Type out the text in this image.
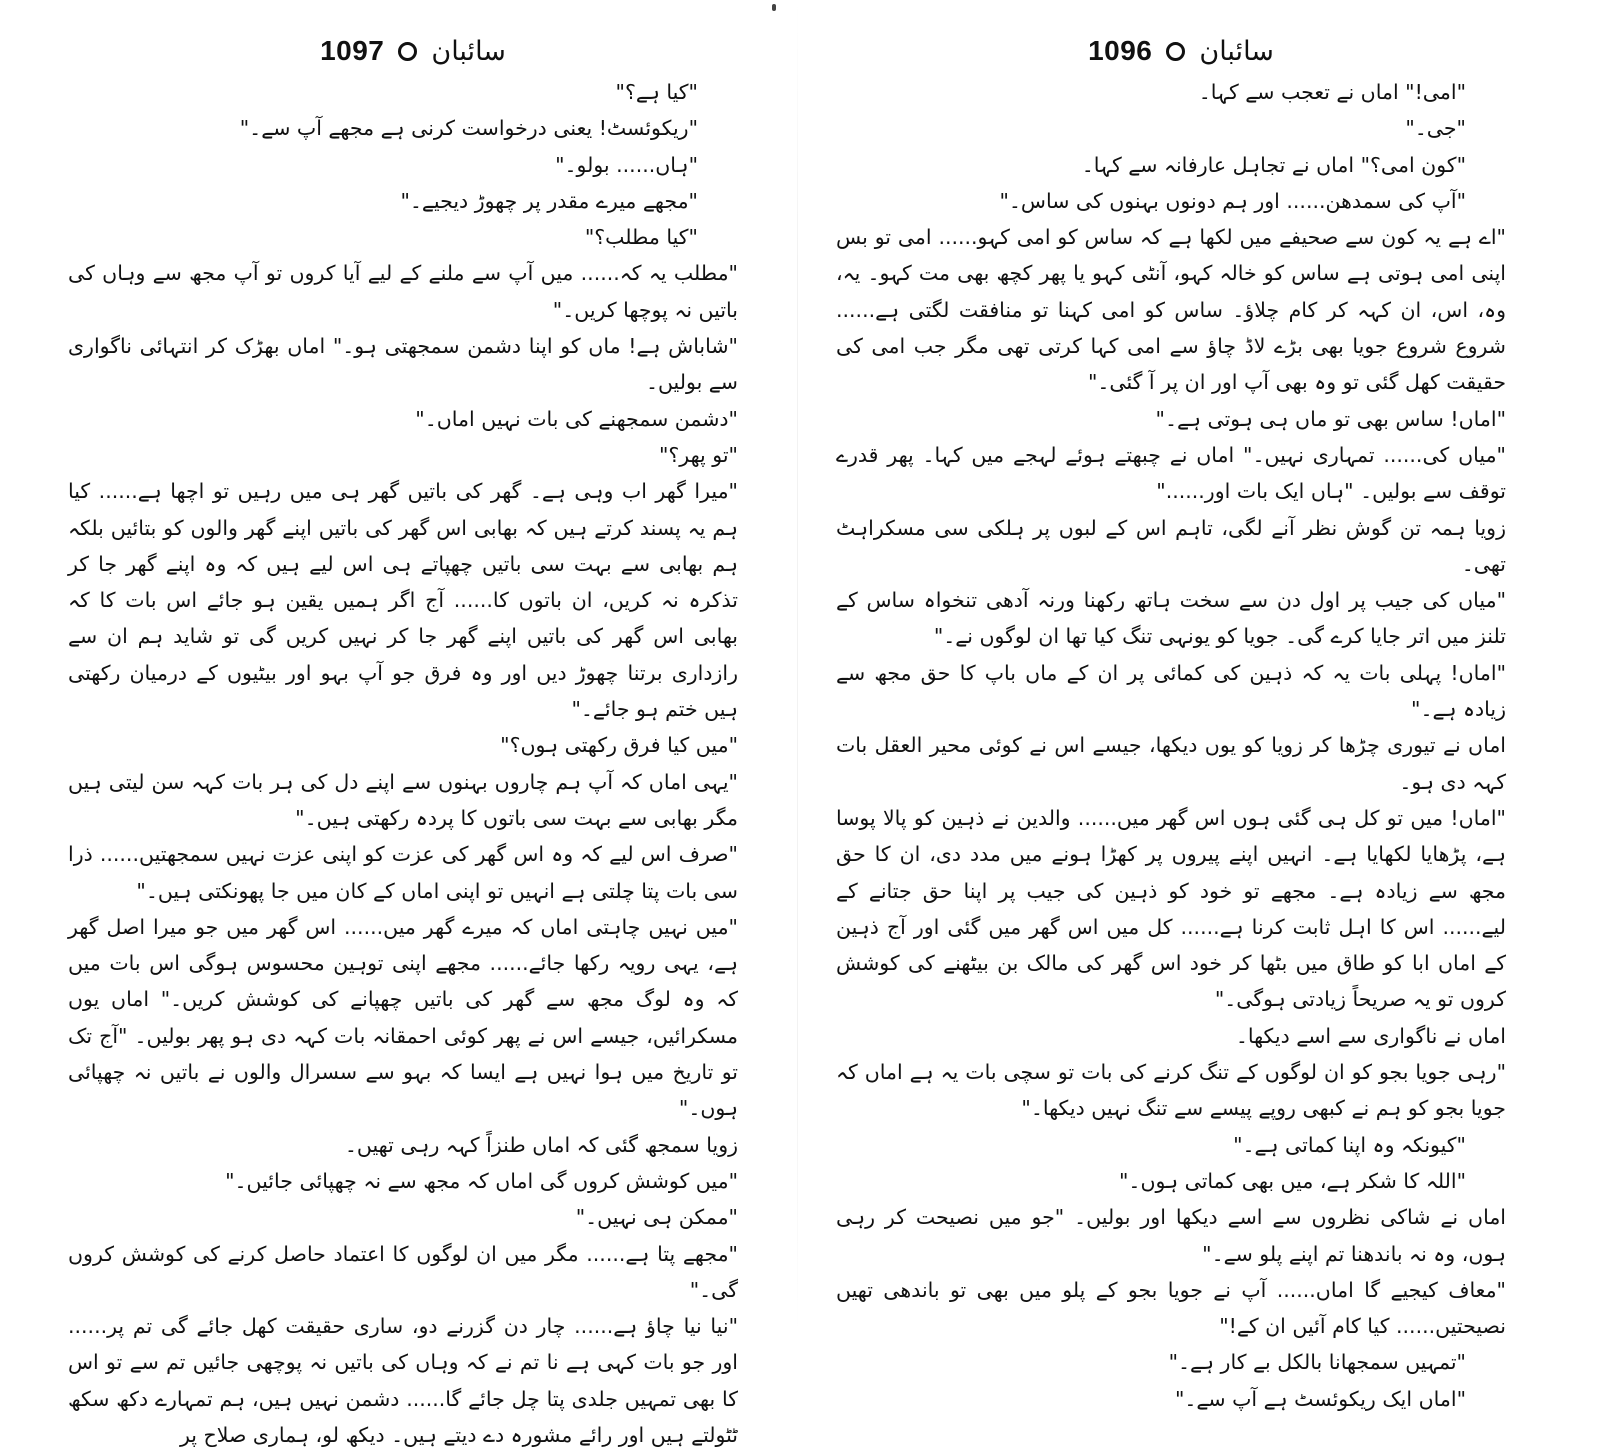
1097 سائبان

"کیا ہے؟"

"ریکوئسٹ! یعنی درخواست کرنی ہے مجھے آپ سے۔"

"ہاں...... بولو۔"

"مجھے میرے مقدر پر چھوڑ دیجیے۔"

"کیا مطلب؟"

"مطلب یہ کہ...... میں آپ سے ملنے کے لیے آیا کروں تو آپ مجھ سے وہاں کی باتیں نہ پوچھا کریں۔"

"شاباش ہے! ماں کو اپنا دشمن سمجھتی ہو۔" اماں بھڑک کر انتہائی ناگواری سے بولیں۔

"دشمن سمجھنے کی بات نہیں اماں۔"

"تو پھر؟"

"میرا گھر اب وہی ہے۔ گھر کی باتیں گھر ہی میں رہیں تو اچھا ہے...... کیا ہم یہ پسند کرتے ہیں کہ بھابی اس گھر کی باتیں اپنے گھر والوں کو بتائیں بلکہ ہم بھابی سے بہت سی باتیں چھپاتے ہی اس لیے ہیں کہ وہ اپنے گھر جا کر تذکرہ نہ کریں، ان باتوں کا...... آج اگر ہمیں یقین ہو جائے اس بات کا کہ بھابی اس گھر کی باتیں اپنے گھر جا کر نہیں کریں گی تو شاید ہم ان سے رازداری برتنا چھوڑ دیں اور وہ فرق جو آپ بہو اور بیٹیوں کے درمیان رکھتی ہیں ختم ہو جائے۔"

"میں کیا فرق رکھتی ہوں؟"

"یہی اماں کہ آپ ہم چاروں بہنوں سے اپنے دل کی ہر بات کہہ سن لیتی ہیں مگر بھابی سے بہت سی باتوں کا پردہ رکھتی ہیں۔"

"صرف اس لیے کہ وہ اس گھر کی عزت کو اپنی عزت نہیں سمجھتیں...... ذرا سی بات پتا چلتی ہے انہیں تو اپنی اماں کے کان میں جا پھونکتی ہیں۔"

"میں نہیں چاہتی اماں کہ میرے گھر میں...... اس گھر میں جو میرا اصل گھر ہے، یہی رویہ رکھا جائے...... مجھے اپنی توہین محسوس ہوگی اس بات میں کہ وہ لوگ مجھ سے گھر کی باتیں چھپانے کی کوشش کریں۔" اماں یوں مسکرائیں، جیسے اس نے پھر کوئی احمقانہ بات کہہ دی ہو پھر بولیں۔ "آج تک تو تاریخ میں ہوا نہیں ہے ایسا کہ بہو سے سسرال والوں نے باتیں نہ چھپائی ہوں۔"

زویا سمجھ گئی کہ اماں طنزاً کہہ رہی تھیں۔

"میں کوشش کروں گی اماں کہ مجھ سے نہ چھپائی جائیں۔"

"ممکن ہی نہیں۔"

"مجھے پتا ہے...... مگر میں ان لوگوں کا اعتماد حاصل کرنے کی کوشش کروں گی۔"

"نیا نیا چاؤ ہے...... چار دن گزرنے دو، ساری حقیقت کھل جائے گی تم پر...... اور جو بات کہی ہے نا تم نے کہ وہاں کی باتیں نہ پوچھی جائیں تم سے تو اس کا بھی تمہیں جلدی پتا چل جائے گا...... دشمن نہیں ہیں، ہم تمہارے دکھ سکھ ٹٹولتے ہیں اور رائے مشورہ دے دیتے ہیں۔ دیکھ لو، ہماری صلاح پر

1096 سائبان

"امی!" اماں نے تعجب سے کہا۔

"جی۔"

"کون امی؟" اماں نے تجاہل عارفانہ سے کہا۔

"آپ کی سمدھن...... اور ہم دونوں بہنوں کی ساس۔"

"اے ہے یہ کون سے صحیفے میں لکھا ہے کہ ساس کو امی کہو...... امی تو بس اپنی امی ہوتی ہے ساس کو خالہ کہو، آنٹی کہو یا پھر کچھ بھی مت کہو۔ یہ، وہ، اس، ان کہہ کر کام چلاؤ۔ ساس کو امی کہنا تو منافقت لگتی ہے...... شروع شروع جویا بھی بڑے لاڈ چاؤ سے امی کہا کرتی تھی مگر جب امی کی حقیقت کھل گئی تو وہ بھی آپ اور ان پر آ گئی۔"

"اماں! ساس بھی تو ماں ہی ہوتی ہے۔"

"میاں کی...... تمہاری نہیں۔" اماں نے چبھتے ہوئے لہجے میں کہا۔ پھر قدرے توقف سے بولیں۔ "ہاں ایک بات اور......"

زویا ہمہ تن گوش نظر آنے لگی، تاہم اس کے لبوں پر ہلکی سی مسکراہٹ تھی۔

"میاں کی جیب پر اول دن سے سخت ہاتھ رکھنا ورنہ آدھی تنخواہ ساس کے تلنز میں اتر جایا کرے گی۔ جویا کو یونہی تنگ کیا تھا ان لوگوں نے۔"

"اماں! پہلی بات یہ کہ ذہین کی کمائی پر ان کے ماں باپ کا حق مجھ سے زیادہ ہے۔"

اماں نے تیوری چڑھا کر زویا کو یوں دیکھا، جیسے اس نے کوئی محیر العقل بات کہہ دی ہو۔

"اماں! میں تو کل ہی گئی ہوں اس گھر میں...... والدین نے ذہین کو پالا پوسا ہے، پڑھایا لکھایا ہے۔ انہیں اپنے پیروں پر کھڑا ہونے میں مدد دی، ان کا حق مجھ سے زیادہ ہے۔ مجھے تو خود کو ذہین کی جیب پر اپنا حق جتانے کے لیے...... اس کا اہل ثابت کرنا ہے...... کل میں اس گھر میں گئی اور آج ذہین کے اماں ابا کو طاق میں بٹھا کر خود اس گھر کی مالک بن بیٹھنے کی کوشش کروں تو یہ صریحاً زیادتی ہوگی۔"

اماں نے ناگواری سے اسے دیکھا۔

"رہی جویا بجو کو ان لوگوں کے تنگ کرنے کی بات تو سچی بات یہ ہے اماں کہ جویا بجو کو ہم نے کبھی روپے پیسے سے تنگ نہیں دیکھا۔"

"کیونکہ وہ اپنا کماتی ہے۔"

"اللہ کا شکر ہے، میں بھی کماتی ہوں۔"

اماں نے شاکی نظروں سے اسے دیکھا اور بولیں۔ "جو میں نصیحت کر رہی ہوں، وہ نہ باندھنا تم اپنے پلو سے۔"

"معاف کیجیے گا اماں...... آپ نے جویا بجو کے پلو میں بھی تو باندھی تھیں نصیحتیں...... کیا کام آئیں ان کے!"

"تمہیں سمجھانا بالکل بے کار ہے۔"

"اماں ایک ریکوئسٹ ہے آپ سے۔"
